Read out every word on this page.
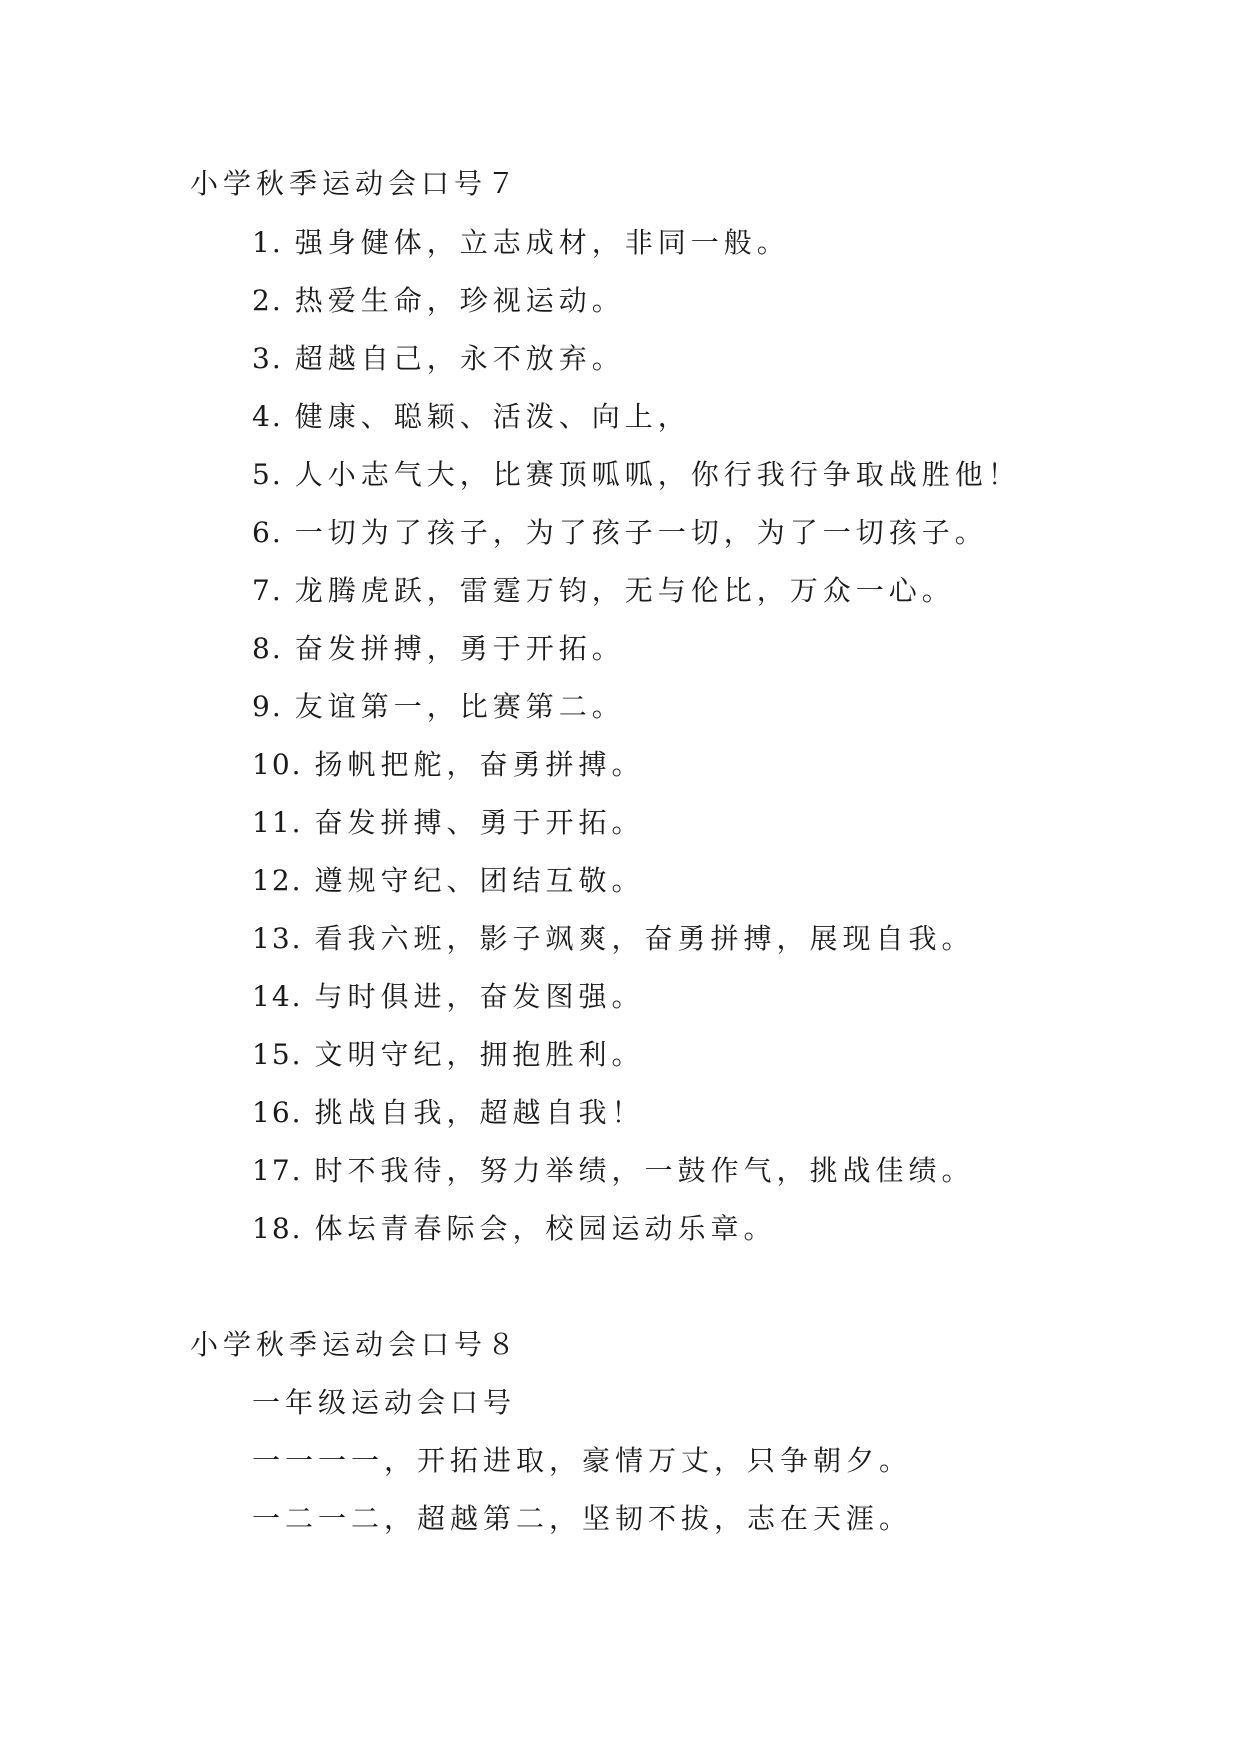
小学秋季运动会口号７
1. 强身健体，立志成材，非同一般。
2. 热爱生命，珍视运动。
3. 超越自己，永不放弃。
4. 健康、聪颖、活泼、向上，
5. 人小志气大，比赛顶呱呱，你行我行争取战胜他！
6. 一切为了孩子，为了孩子一切，为了一切孩子。
7. 龙腾虎跃，雷霆万钧，无与伦比，万众一心。
8. 奋发拼搏，勇于开拓。
9. 友谊第一，比赛第二。
10. 扬帆把舵，奋勇拼搏。
11. 奋发拼搏、勇于开拓。
12. 遵规守纪、团结互敬。
13. 看我六班，影子飒爽，奋勇拼搏，展现自我。
14. 与时俱进，奋发图强。
15. 文明守纪，拥抱胜利。
16. 挑战自我，超越自我！
17. 时不我待，努力举绩，一鼓作气，挑战佳绩。
18. 体坛青春际会，校园运动乐章。
小学秋季运动会口号８
一年级运动会口号
一一一一，开拓进取，豪情万丈，只争朝夕。
一二一二，超越第二，坚韧不拔，志在天涯。
